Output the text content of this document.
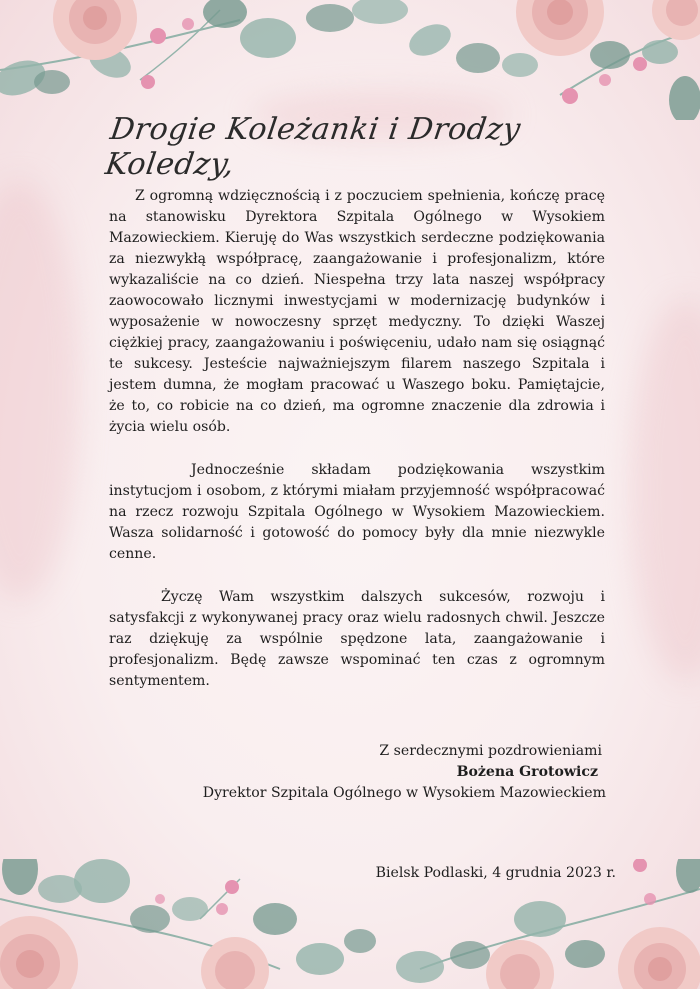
Drogie Koleżanki i Drodzy Koledzy,

Z ogromną wdzięcznością i z poczuciem spełnienia, kończę pracę na stanowisku Dyrektora Szpitala Ogólnego w Wysokiem Mazowieckiem. Kieruję do Was wszystkich serdeczne podziękowania za niezwykłą współpracę, zaangażowanie i profesjonalizm, które wykazaliście na co dzień. Niespełna trzy lata naszej współpracy zaowocowało licznymi inwestycjami w modernizację budynków i wyposażenie w nowoczesny sprzęt medyczny. To dzięki Waszej ciężkiej pracy, zaangażowaniu i poświęceniu, udało nam się osiągnąć te sukcesy. Jesteście najważniejszym filarem naszego Szpitala i jestem dumna, że mogłam pracować u Waszego boku. Pamiętajcie, że to, co robicie na co dzień, ma ogromne znaczenie dla zdrowia i życia wielu osób.

Jednocześnie składam podziękowania wszystkim instytucjom i osobom, z którymi miałam przyjemność współpracować na rzecz rozwoju Szpitala Ogólnego w Wysokiem Mazowieckiem. Wasza solidarność i gotowość do pomocy były dla mnie niezwykle cenne.

Życzę Wam wszystkim dalszych sukcesów, rozwoju i satysfakcji z wykonywanej pracy oraz wielu radosnych chwil. Jeszcze raz dziękuję za wspólnie spędzone lata, zaangażowanie i profesjonalizm. Będę zawsze wspominać ten czas z ogromnym sentymentem.

Z serdecznymi pozdrowieniami
Bożena Grotowicz
Dyrektor Szpitala Ogólnego w Wysokiem Mazowieckiem
Bielsk Podlaski, 4 grudnia 2023 r.
